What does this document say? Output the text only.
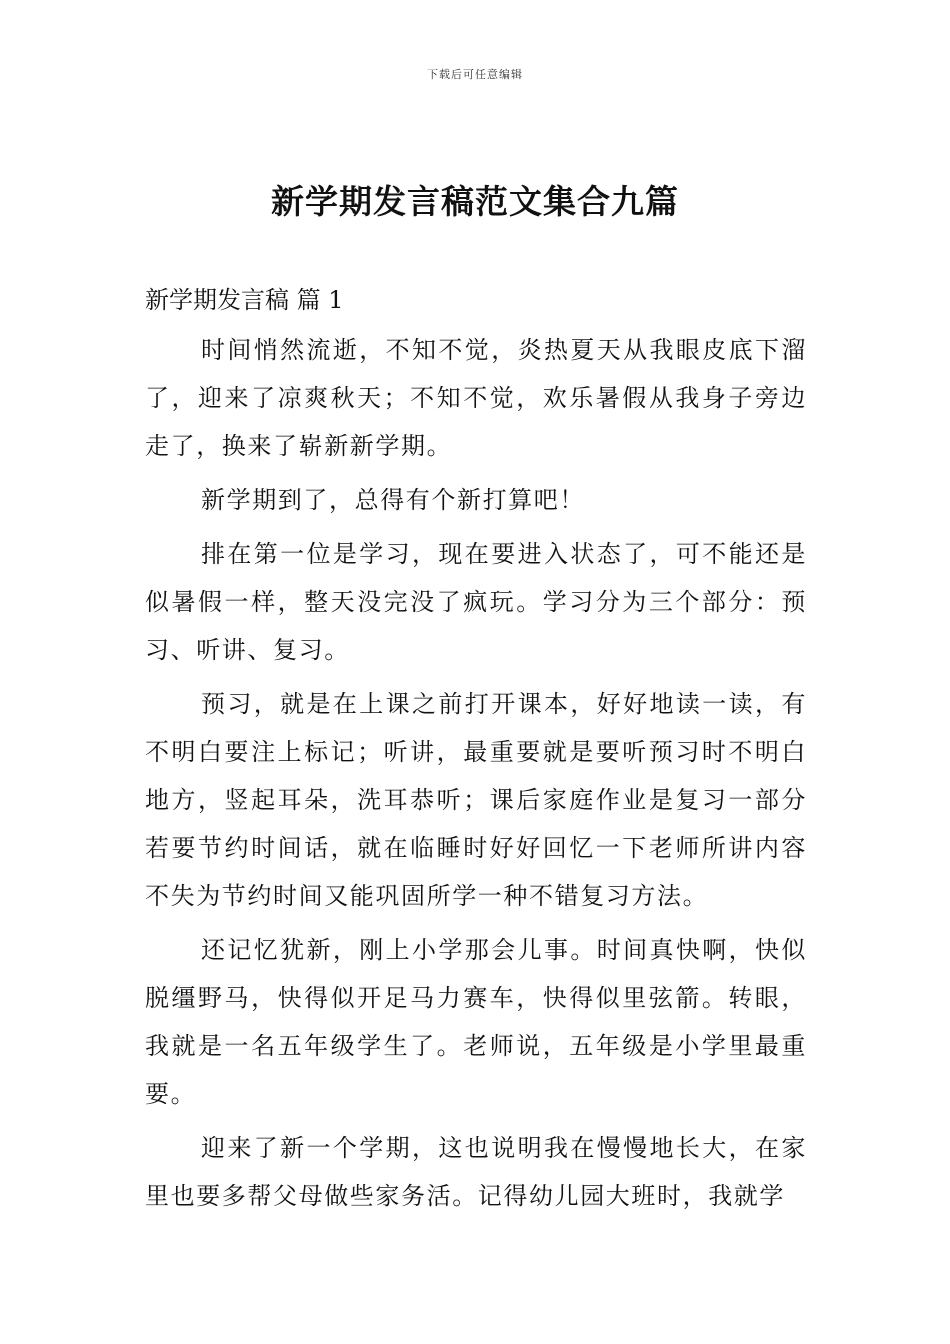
下载后可任意编辑
新学期发言稿范文集合九篇
新学期发言稿 篇 1

时间悄然流逝，不知不觉，炎热夏天从我眼皮底下溜了，迎来了凉爽秋天；不知不觉，欢乐暑假从我身子旁边走了，换来了崭新新学期。

新学期到了，总得有个新打算吧！

排在第一位是学习，现在要进入状态了，可不能还是似暑假一样，整天没完没了疯玩。学习分为三个部分：预习、听讲、复习。

预习，就是在上课之前打开课本，好好地读一读，有不明白要注上标记；听讲，最重要就是要听预习时不明白地方，竖起耳朵，洗耳恭听；课后家庭作业是复习一部分若要节约时间话，就在临睡时好好回忆一下老师所讲内容不失为节约时间又能巩固所学一种不错复习方法。

还记忆犹新，刚上小学那会儿事。时间真快啊，快似脱缰野马，快得似开足马力赛车，快得似里弦箭。转眼，我就是一名五年级学生了。老师说，五年级是小学里最重要。

迎来了新一个学期，这也说明我在慢慢地长大，在家里也要多帮父母做些家务活。记得幼儿园大班时，我就学
